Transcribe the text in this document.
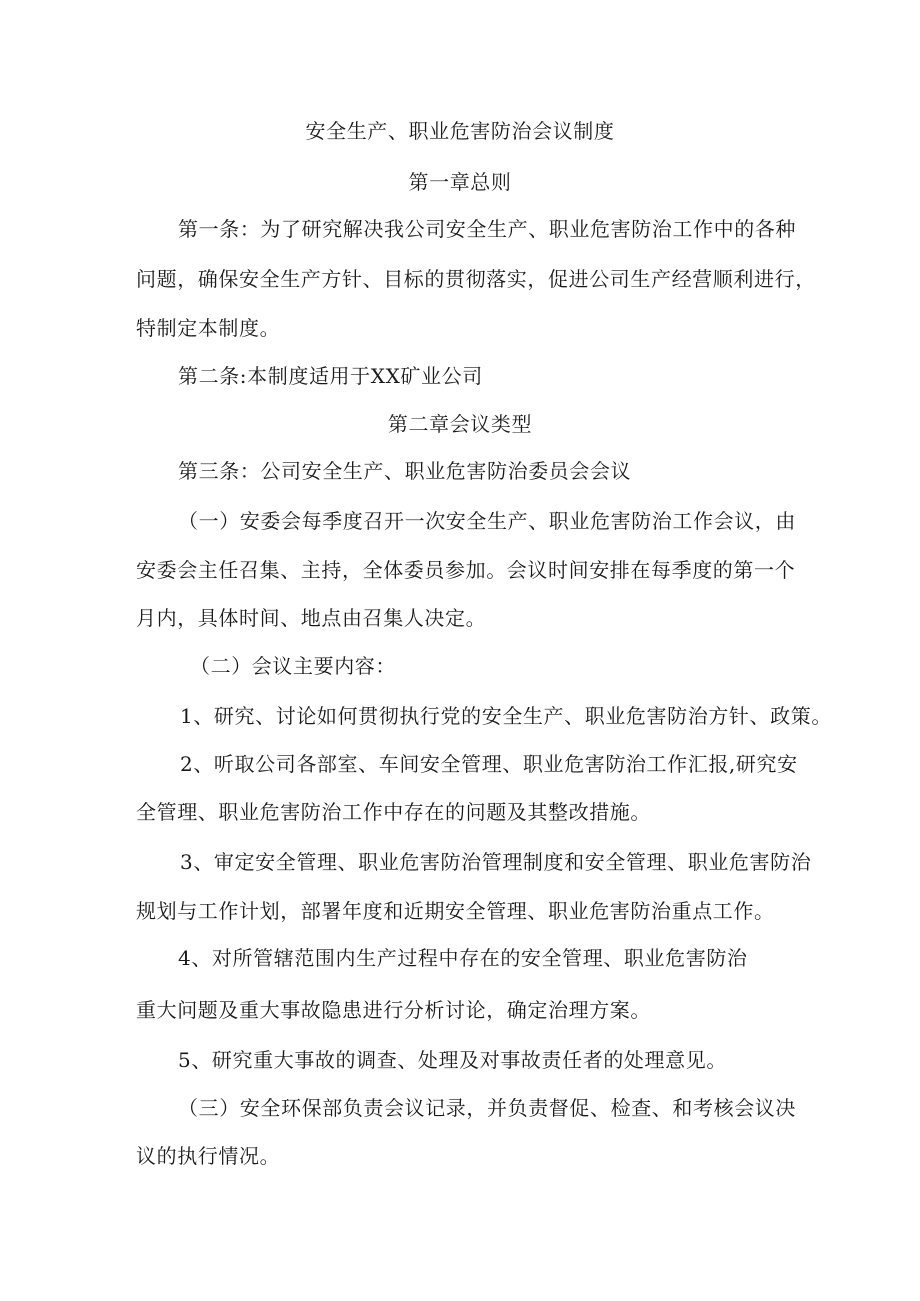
安全生产、职业危害防治会议制度
第一章总则
第一条：为了研究解决我公司安全生产、职业危害防治工作中的各种
问题，确保安全生产方针、目标的贯彻落实，促进公司生产经营顺利进行，
特制定本制度。
第二条:本制度适用于XX矿业公司
第二章会议类型
第三条：公司安全生产、职业危害防治委员会会议
（一）安委会每季度召开一次安全生产、职业危害防治工作会议，由
安委会主任召集、主持，全体委员参加。会议时间安排在每季度的第一个
月内，具体时间、地点由召集人决定。
（二）会议主要内容：
1、研究、讨论如何贯彻执行党的安全生产、职业危害防治方针、政策。
2、听取公司各部室、车间安全管理、职业危害防治工作汇报,研究安
全管理、职业危害防治工作中存在的问题及其整改措施。
3、审定安全管理、职业危害防治管理制度和安全管理、职业危害防治
规划与工作计划，部署年度和近期安全管理、职业危害防治重点工作。
4、对所管辖范围内生产过程中存在的安全管理、职业危害防治
重大问题及重大事故隐患进行分析讨论，确定治理方案。
5、研究重大事故的调查、处理及对事故责任者的处理意见。
（三）安全环保部负责会议记录，并负责督促、检查、和考核会议决
议的执行情况。
